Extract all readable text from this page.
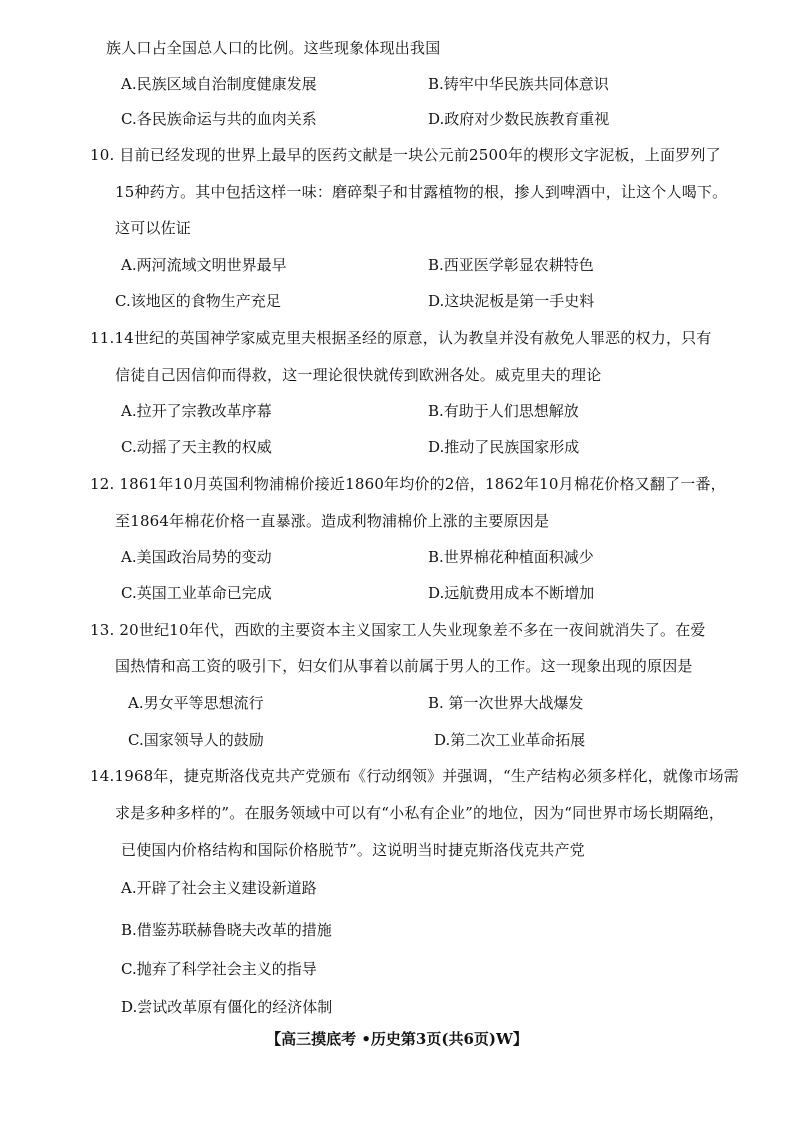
族人口占全国总人口的比例。这些现象体现出我国
A.民族区域自治制度健康发展	B.铸牢中华民族共同体意识
C.各民族命运与共的血肉关系	D.政府对少数民族教育重视
10. 目前已经发现的世界上最早的医药文献是一块公元前2500年的楔形文字泥板，上面罗列了
15种药方。其中包括这样一味：磨碎梨子和甘露植物的根，掺人到啤酒中，让这个人喝下。
这可以佐证
A.两河流域文明世界最早	B.西亚医学彰显农耕特色
C.该地区的食物生产充足	D.这块泥板是第一手史料
11.14世纪的英国神学家威克里夫根据圣经的原意，认为教皇并没有赦免人罪恶的权力，只有
信徒自己因信仰而得救，这一理论很快就传到欧洲各处。威克里夫的理论
A.拉开了宗教改革序幕	B.有助于人们思想解放
C.动摇了天主教的权威	D.推动了民族国家形成
12. 1861年10月英国利物浦棉价接近1860年均价的2倍，1862年10月棉花价格又翻了一番，
至1864年棉花价格一直暴涨。造成利物浦棉价上涨的主要原因是
A.美国政治局势的变动	B.世界棉花种植面积减少
C.英国工业革命已完成	D.远航费用成本不断增加
13. 20世纪10年代，西欧的主要资本主义国家工人失业现象差不多在一夜间就消失了。在爱
国热情和高工资的吸引下，妇女们从事着以前属于男人的工作。这一现象出现的原因是
A.男女平等思想流行	B. 第一次世界大战爆发
C.国家领导人的鼓励	D.第二次工业革命拓展
14.1968年，捷克斯洛伐克共产党颁布《行动纲领》并强调，“生产结构必须多样化，就像市场需
求是多种多样的”。在服务领域中可以有“小私有企业”的地位，因为“同世界市场长期隔绝，
已使国内价格结构和国际价格脱节”。这说明当时捷克斯洛伐克共产党
A.开辟了社会主义建设新道路
B.借鉴苏联赫鲁晓夫改革的措施
C.抛弃了科学社会主义的指导
D.尝试改革原有僵化的经济体制
【高三摸底考 •历史第3页(共6页)W】
